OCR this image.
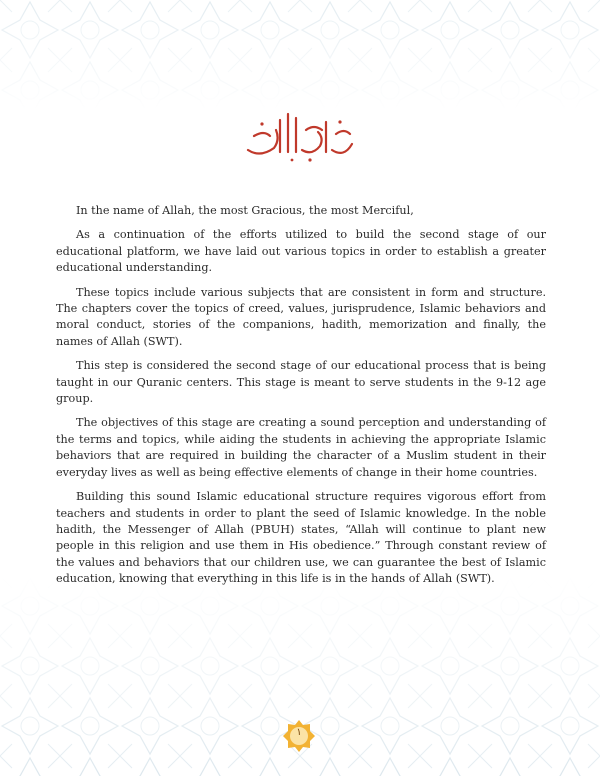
In the name of Allah, the most Gracious, the most Merciful,

As a continuation of the efforts utilized to build the second stage of our educational platform, we have laid out various topics in order to establish a greater educational understanding.

These topics include various subjects that are consistent in form and structure. The chapters cover the topics of creed, values, jurisprudence, Islamic behaviors and moral conduct, stories of the companions, hadith, memorization and finally, the names of Allah (SWT).

This step is considered the second stage of our educational process that is being taught in our Quranic centers. This stage is meant to serve students in the 9-12 age group.

The objectives of this stage are creating a sound perception and understanding of the terms and topics, while aiding the students in achieving the appropriate Islamic behaviors that are required in building the character of a Muslim student in their everyday lives as well as being effective elements of change in their home countries.

Building this sound Islamic educational structure requires vigorous effort from teachers and students in order to plant the seed of Islamic knowledge. In the noble hadith, the Messenger of Allah (PBUH) states, “Allah will continue to plant new people in this religion and use them in His obedience.” Through constant review of the values and behaviors that our children use, we can guarantee the best of Islamic education, knowing that everything in this life is in the hands of Allah (SWT).

١
